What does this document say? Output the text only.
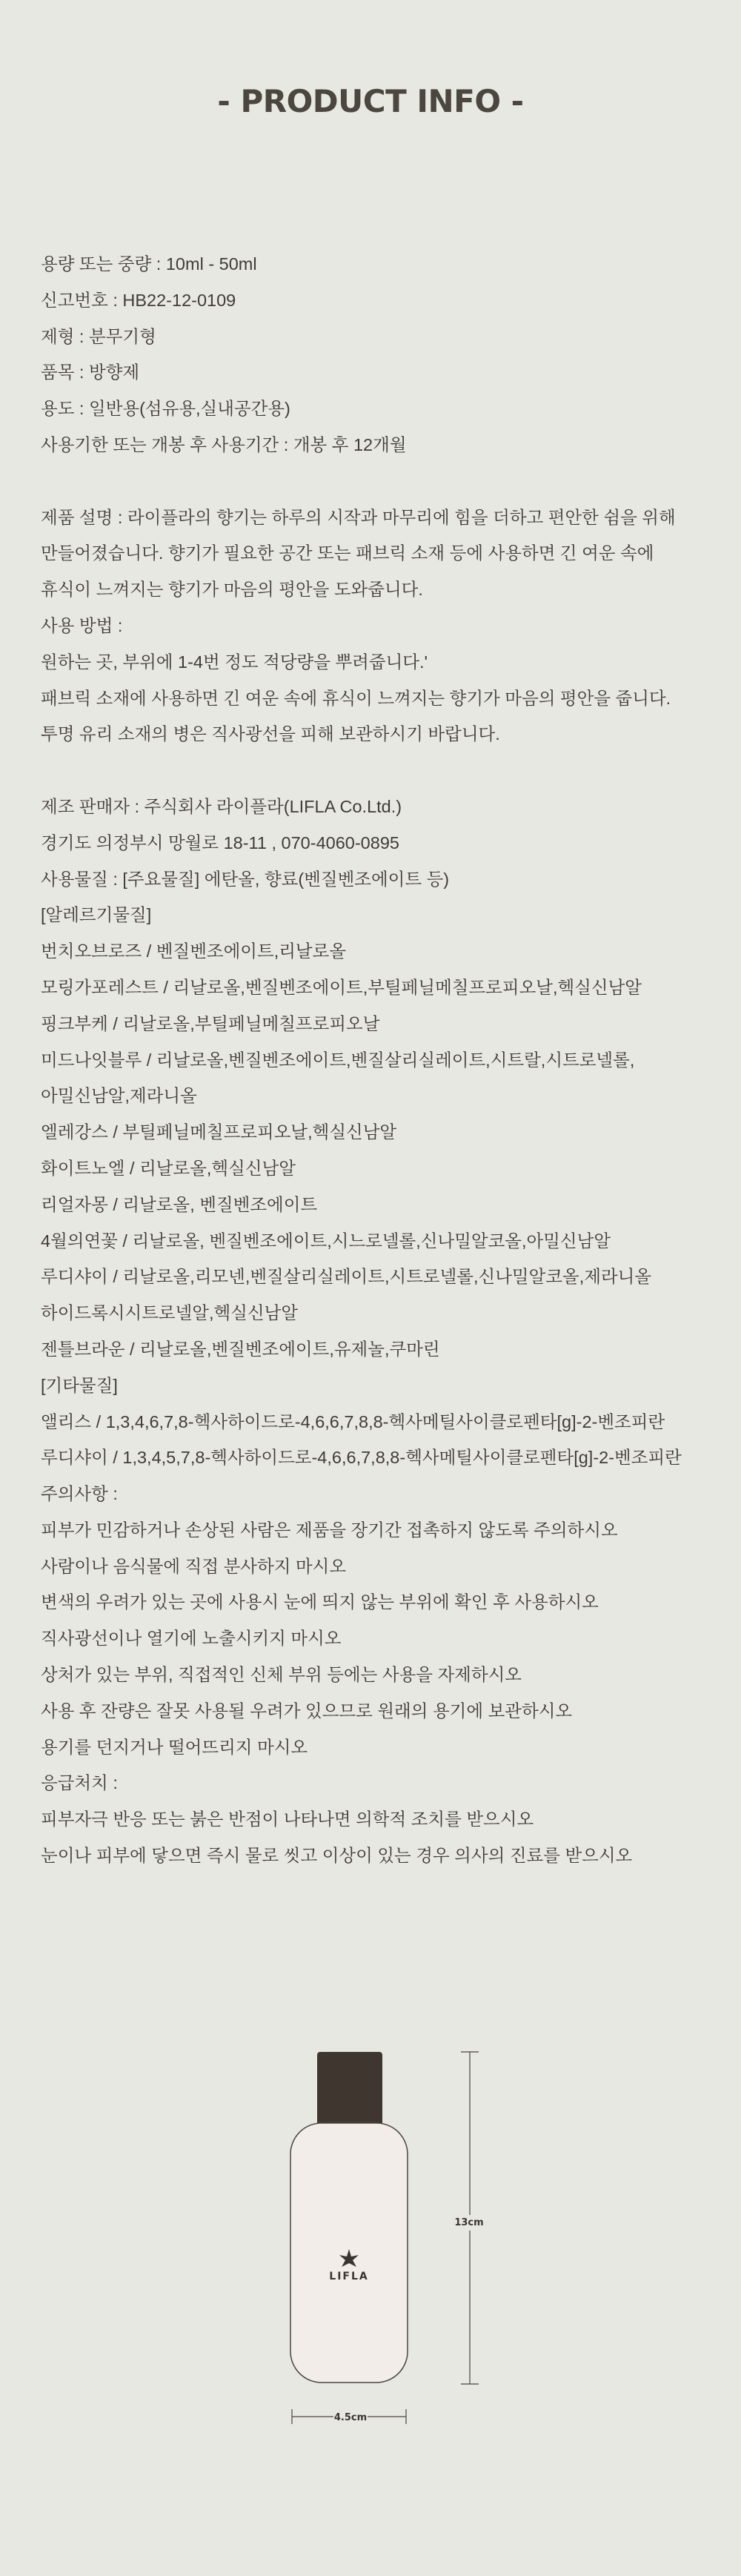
- PRODUCT INFO -
용량 또는 중량 : 10ml - 50ml
신고번호 : HB22-12-0109
제형 : 분무기형
품목 : 방향제
용도 : 일반용(섬유용,실내공간용)
사용기한 또는 개봉 후 사용기간 : 개봉 후 12개월
제품 설명 : 라이플라의 향기는 하루의 시작과 마무리에 힘을 더하고 편안한 쉼을 위해
만들어졌습니다. 향기가 필요한 공간 또는 패브릭 소재 등에 사용하면 긴 여운 속에
휴식이 느껴지는 향기가 마음의 평안을 도와줍니다.
사용 방법 :
원하는 곳, 부위에 1-4번 정도 적당량을 뿌려줍니다.'
패브릭 소재에 사용하면 긴 여운 속에 휴식이 느껴지는 향기가 마음의 평안을 줍니다.
투명 유리 소재의 병은 직사광선을 피해 보관하시기 바랍니다.
제조 판매자 : 주식회사 라이플라(LIFLA Co.Ltd.)
경기도 의정부시 망월로 18-11 , 070-4060-0895
사용물질 : [주요물질] 에탄올, 향료(벤질벤조에이트 등)
[알레르기물질]
번치오브로즈 / 벤질벤조에이트,리날로올
모링가포레스트 / 리날로올,벤질벤조에이트,부틸페닐메칠프로피오날,헥실신남알
핑크부케 / 리날로올,부틸페닐메칠프로피오날
미드나잇블루 / 리날로올,벤질벤조에이트,벤질살리실레이트,시트랄,시트로넬롤,
아밀신남알,제라니올
엘레강스 / 부틸페닐메칠프로피오날,헥실신남알
화이트노엘 / 리날로올,헥실신남알
리얼자몽 / 리날로올, 벤질벤조에이트
4월의연꽃 / 리날로올, 벤질벤조에이트,시느로넬롤,신나밀알코올,아밀신남알
루디샤이 / 리날로올,리모넨,벤질살리실레이트,시트로넬롤,신나밀알코올,제라니올
하이드록시시트로넬알,헥실신남알
젠틀브라운 / 리날로올,벤질벤조에이트,유제놀,쿠마린
[기타물질]
앨리스 / 1,3,4,6,7,8-헥사하이드로-4,6,6,7,8,8-헥사메틸사이클로펜타[g]-2-벤조피란
루디샤이 / 1,3,4,5,7,8-헥사하이드로-4,6,6,7,8,8-헥사메틸사이클로펜타[g]-2-벤조피란
주의사항 :
피부가 민감하거나 손상된 사람은 제품을 장기간 접촉하지 않도록 주의하시오
사람이나 음식물에 직접 분사하지 마시오
변색의 우려가 있는 곳에 사용시 눈에 띄지 않는 부위에 확인 후 사용하시오
직사광선이나 열기에 노출시키지 마시오
상처가 있는 부위, 직접적인 신체 부위 등에는 사용을 자제하시오
사용 후 잔량은 잘못 사용될 우려가 있으므로 원래의 용기에 보관하시오
용기를 던지거나 떨어뜨리지 마시오
응급처치 :
피부자극 반응 또는 붉은 반점이 나타나면 의학적 조치를 받으시오
눈이나 피부에 닿으면 즉시 물로 씻고 이상이 있는 경우 의사의 진료를 받으시오
LIFLA
13cm
4.5cm
